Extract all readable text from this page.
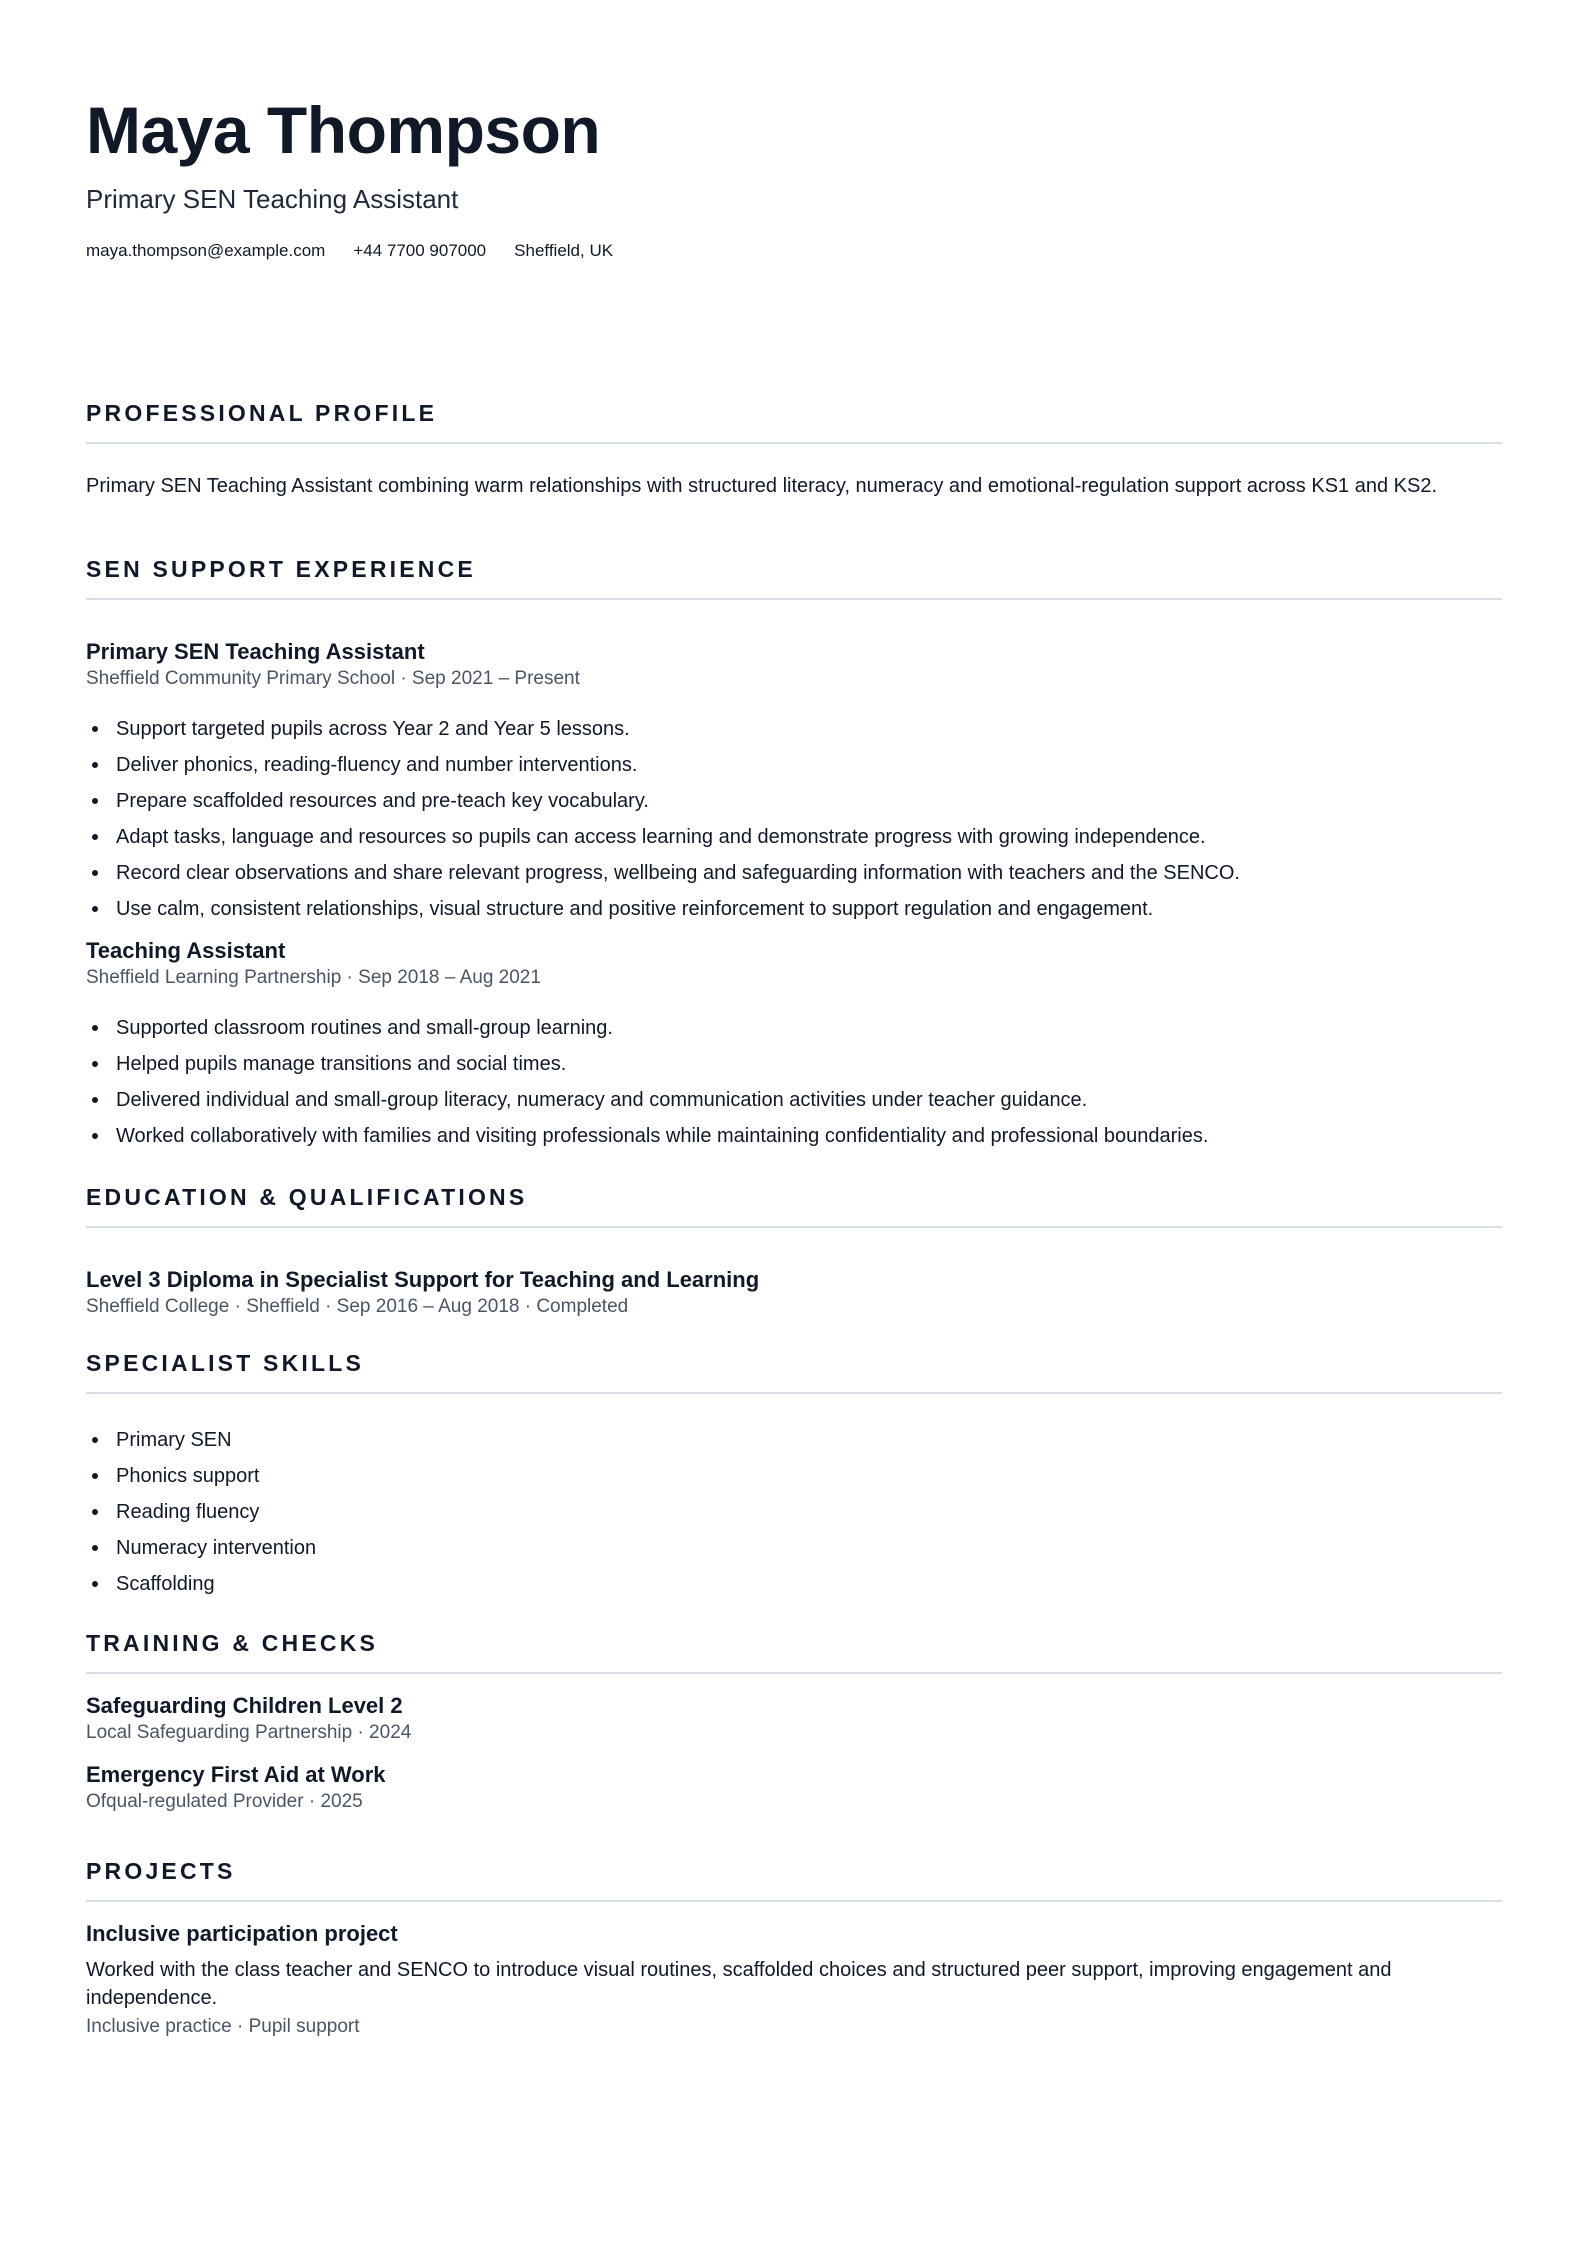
Maya Thompson

Primary SEN Teaching Assistant

maya.thompson@example.com +44 7700 907000 Sheffield, UK
PROFESSIONAL PROFILE

Primary SEN Teaching Assistant combining warm relationships with structured literacy, numeracy and emotional-regulation support across KS1 and KS2.

SEN SUPPORT EXPERIENCE

Primary SEN Teaching Assistant

Sheffield Community Primary School · Sep 2021 – Present

Support targeted pupils across Year 2 and Year 5 lessons.
Deliver phonics, reading-fluency and number interventions.
Prepare scaffolded resources and pre-teach key vocabulary.
Adapt tasks, language and resources so pupils can access learning and demonstrate progress with growing independence.
Record clear observations and share relevant progress, wellbeing and safeguarding information with teachers and the SENCO.
Use calm, consistent relationships, visual structure and positive reinforcement to support regulation and engagement.

Teaching Assistant

Sheffield Learning Partnership · Sep 2018 – Aug 2021

Supported classroom routines and small-group learning.
Helped pupils manage transitions and social times.
Delivered individual and small-group literacy, numeracy and communication activities under teacher guidance.
Worked collaboratively with families and visiting professionals while maintaining confidentiality and professional boundaries.
EDUCATION & QUALIFICATIONS

Level 3 Diploma in Specialist Support for Teaching and Learning

Sheffield College · Sheffield · Sep 2016 – Aug 2018 · Completed

SPECIALIST SKILLS
Primary SEN
Phonics support
Reading fluency
Numeracy intervention
Scaffolding
TRAINING & CHECKS

Safeguarding Children Level 2

Local Safeguarding Partnership · 2024

Emergency First Aid at Work

Ofqual-regulated Provider · 2025

PROJECTS

Inclusive participation project

Worked with the class teacher and SENCO to introduce visual routines, scaffolded choices and structured peer support, improving engagement and independence.

Inclusive practice · Pupil support
